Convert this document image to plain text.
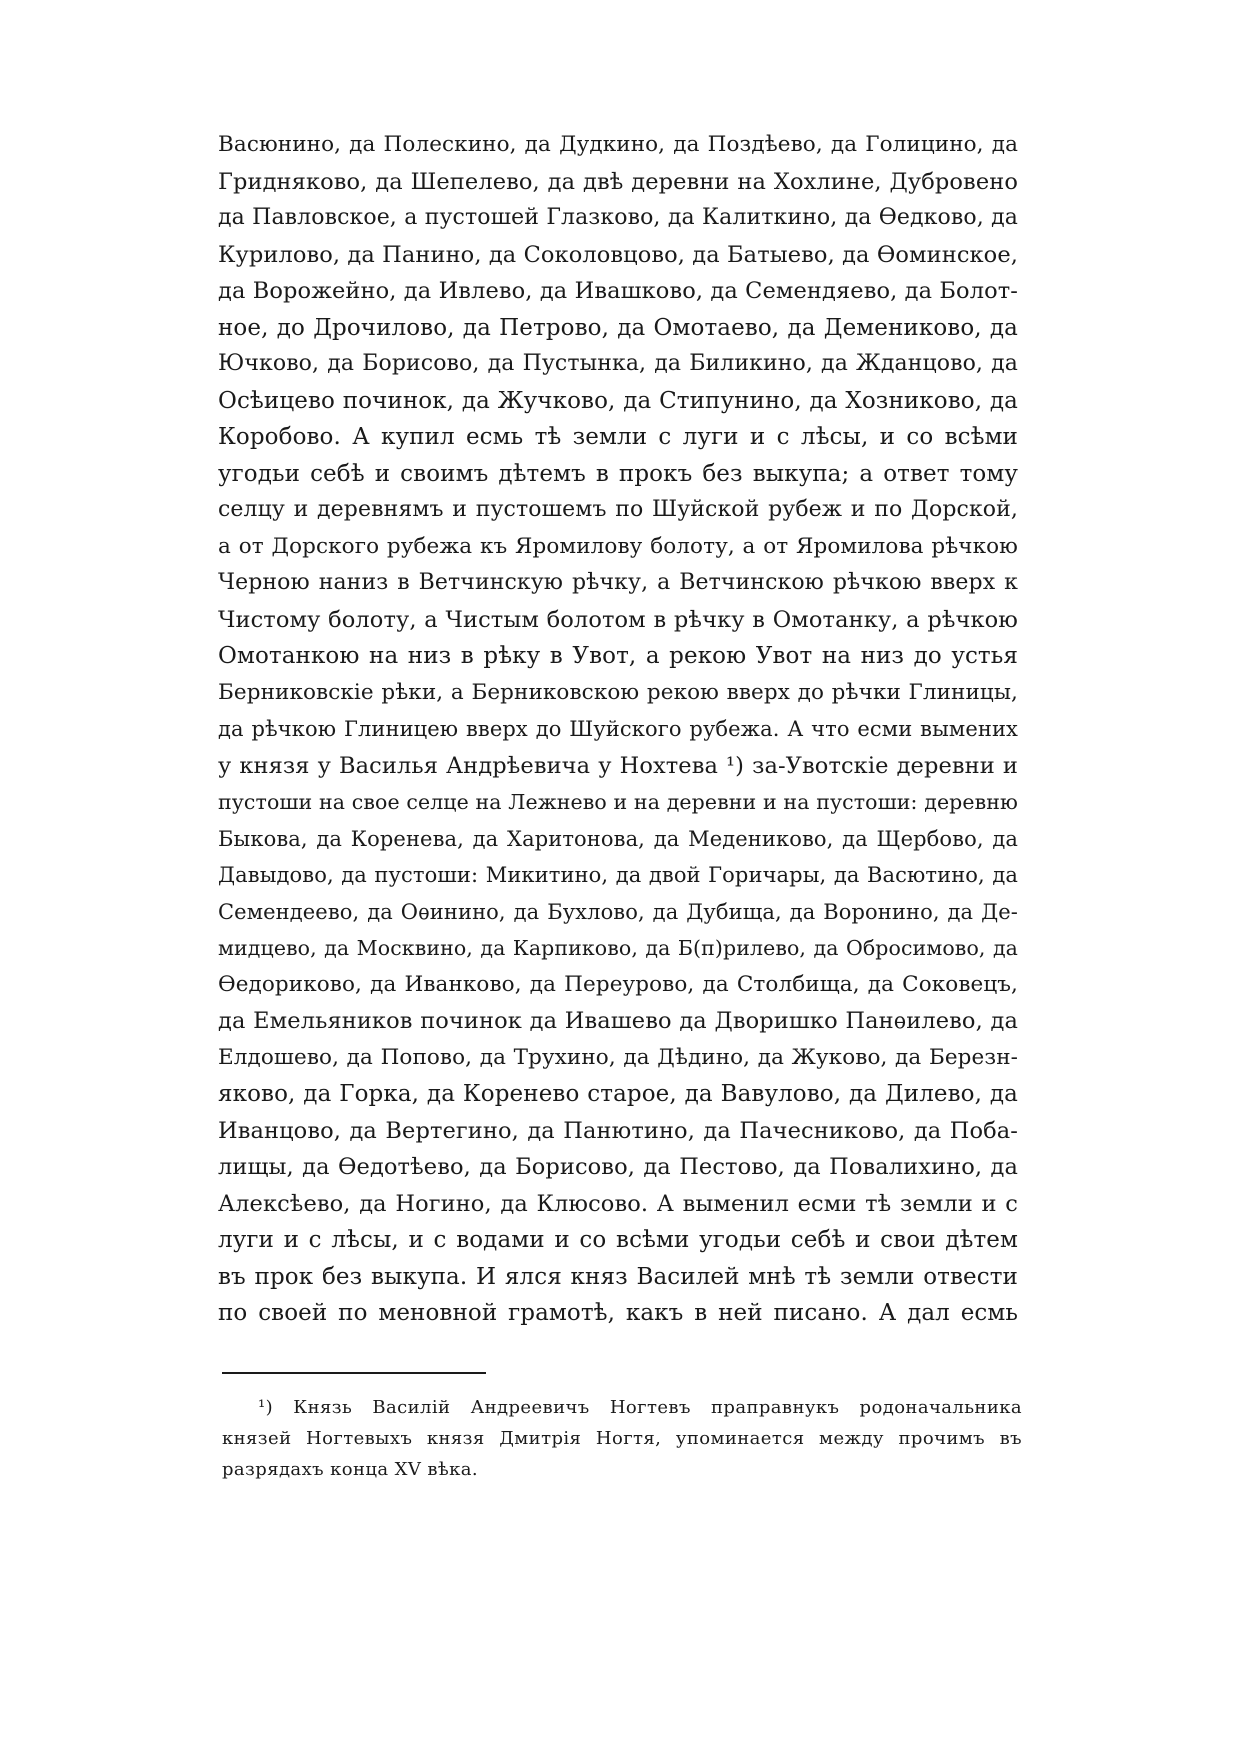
Васюнино, да Полескино, да Дудкино, да Поздѣево, да Голицино, да
Гридняково, да Шепелево, да двѣ деревни на Хохлине, Дубровено
да Павловское, а пустошей Глазково, да Калиткино, да Ѳедково, да
Курилово, да Панино, да Соколовцово, да Батыево, да Ѳоминское,
да Ворожейно, да Ивлево, да Ивашково, да Семендяево, да Болот-
ное, до Дрочилово, да Петрово, да Омотаево, да Демениково, да
Ючково, да Борисово, да Пустынка, да Биликино, да Жданцово, да
Осѣицево починок, да Жучково, да Стипунино, да Хозниково, да
Коробово. А купил есмь тѣ земли с луги и с лѣсы, и со всѣми
угодьи себѣ и своимъ дѣтемъ в прокъ без выкупа; а ответ тому
селцу и деревнямъ и пустошемъ по Шуйской рубеж и по Дорской,
а от Дорского рубежа къ Яромилову болоту, а от Яромилова рѣчкою
Черною наниз в Ветчинскую рѣчку, а Ветчинскою рѣчкою вверх к
Чистому болоту, а Чистым болотом в рѣчку в Омотанку, а рѣчкою
Омотанкою на низ в рѣку в Увот, а рекою Увот на низ до устья
Берниковскіе рѣки, а Берниковскою рекою вверх до рѣчки Глиницы,
да рѣчкою Глиницею вверх до Шуйского рубежа. А что есми вымених
у князя у Василья Андрѣевича у Нохтева ¹) за-Увотскіе деревни и
пустоши на свое селце на Лежнево и на деревни и на пустоши: деревню
Быкова, да Коренева, да Харитонова, да Медениково, да Щербово, да
Давыдово, да пустоши: Микитино, да двой Горичары, да Васютино, да
Семендеево, да Оѳинино, да Бухлово, да Дубища, да Воронино, да Де-
мидцево, да Москвино, да Карпиково, да Б(п)рилево, да Обросимово, да
Ѳедориково, да Иванково, да Переурово, да Столбища, да Соковецъ,
да Емельяников починок да Ивашево да Дворишко Панѳилево, да
Елдошево, да Попово, да Трухино, да Дѣдино, да Жуково, да Березн-
яково, да Горка, да Коренево старое, да Вавулово, да Дилево, да
Иванцово, да Вертегино, да Панютино, да Пачесниково, да Поба-
лищы, да Ѳедотѣево, да Борисово, да Пестово, да Повалихино, да
Алексѣево, да Ногино, да Клюсово. А выменил есми тѣ земли и с
луги и с лѣсы, и с водами и со всѣми угодьи себѣ и свои дѣтем
въ прок без выкупа. И ялся княз Василей мнѣ тѣ земли отвести
по своей по меновной грамотѣ, какъ в ней писано. А дал есмь
¹) Князь Василій Андреевичъ Ногтевъ праправнукъ родоначальника
князей Ногтевыхъ князя Дмитрія Ногтя, упоминается между прочимъ въ
разрядахъ конца XV вѣка.
